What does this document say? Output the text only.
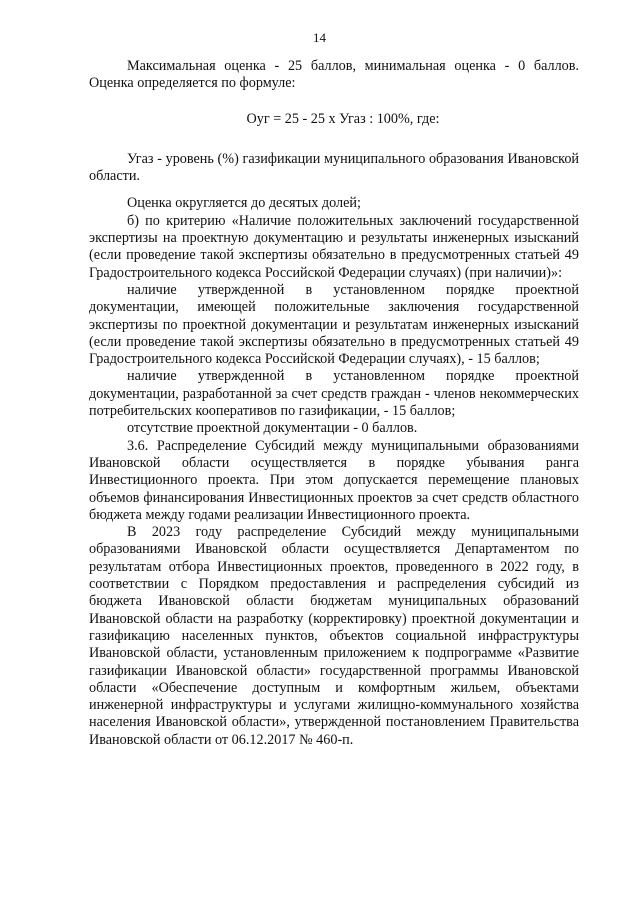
14

Максимальная оценка - 25 баллов, минимальная оценка - 0 баллов. Оценка определяется по формуле:

Оуг = 25 - 25 х Угаз : 100%, где:

Угаз - уровень (%) газификации муниципального образования Ивановской области.

Оценка округляется до десятых долей;

б) по критерию «Наличие положительных заключений государственной экспертизы на проектную документацию и результаты инженерных изысканий (если проведение такой экспертизы обязательно в предусмотренных статьей 49 Градостроительного кодекса Российской Федерации случаях) (при наличии)»:

наличие утвержденной в установленном порядке проектной документации, имеющей положительные заключения государственной экспертизы по проектной документации и результатам инженерных изысканий (если проведение такой экспертизы обязательно в предусмотренных статьей 49 Градостроительного кодекса Российской Федерации случаях), - 15 баллов;

наличие утвержденной в установленном порядке проектной документации, разработанной за счет средств граждан - членов некоммерческих потребительских кооперативов по газификации, - 15 баллов;

отсутствие проектной документации - 0 баллов.

3.6. Распределение Субсидий между муниципальными образованиями Ивановской области осуществляется в порядке убывания ранга Инвестиционного проекта. При этом допускается перемещение плановых объемов финансирования Инвестиционных проектов за счет средств областного бюджета между годами реализации Инвестиционного проекта.

В 2023 году распределение Субсидий между муниципальными образованиями Ивановской области осуществляется Департаментом по результатам отбора Инвестиционных проектов, проведенного в 2022 году, в соответствии с Порядком предоставления и распределения субсидий из бюджета Ивановской области бюджетам муниципальных образований Ивановской области на разработку (корректировку) проектной документации и газификацию населенных пунктов, объектов социальной инфраструктуры Ивановской области, установленным приложением к подпрограмме «Развитие газификации Ивановской области» государственной программы Ивановской области «Обеспечение доступным и комфортным жильем, объектами инженерной инфраструктуры и услугами жилищно-коммунального хозяйства населения Ивановской области», утвержденной постановлением Правительства Ивановской области от 06.12.2017 № 460-п.
